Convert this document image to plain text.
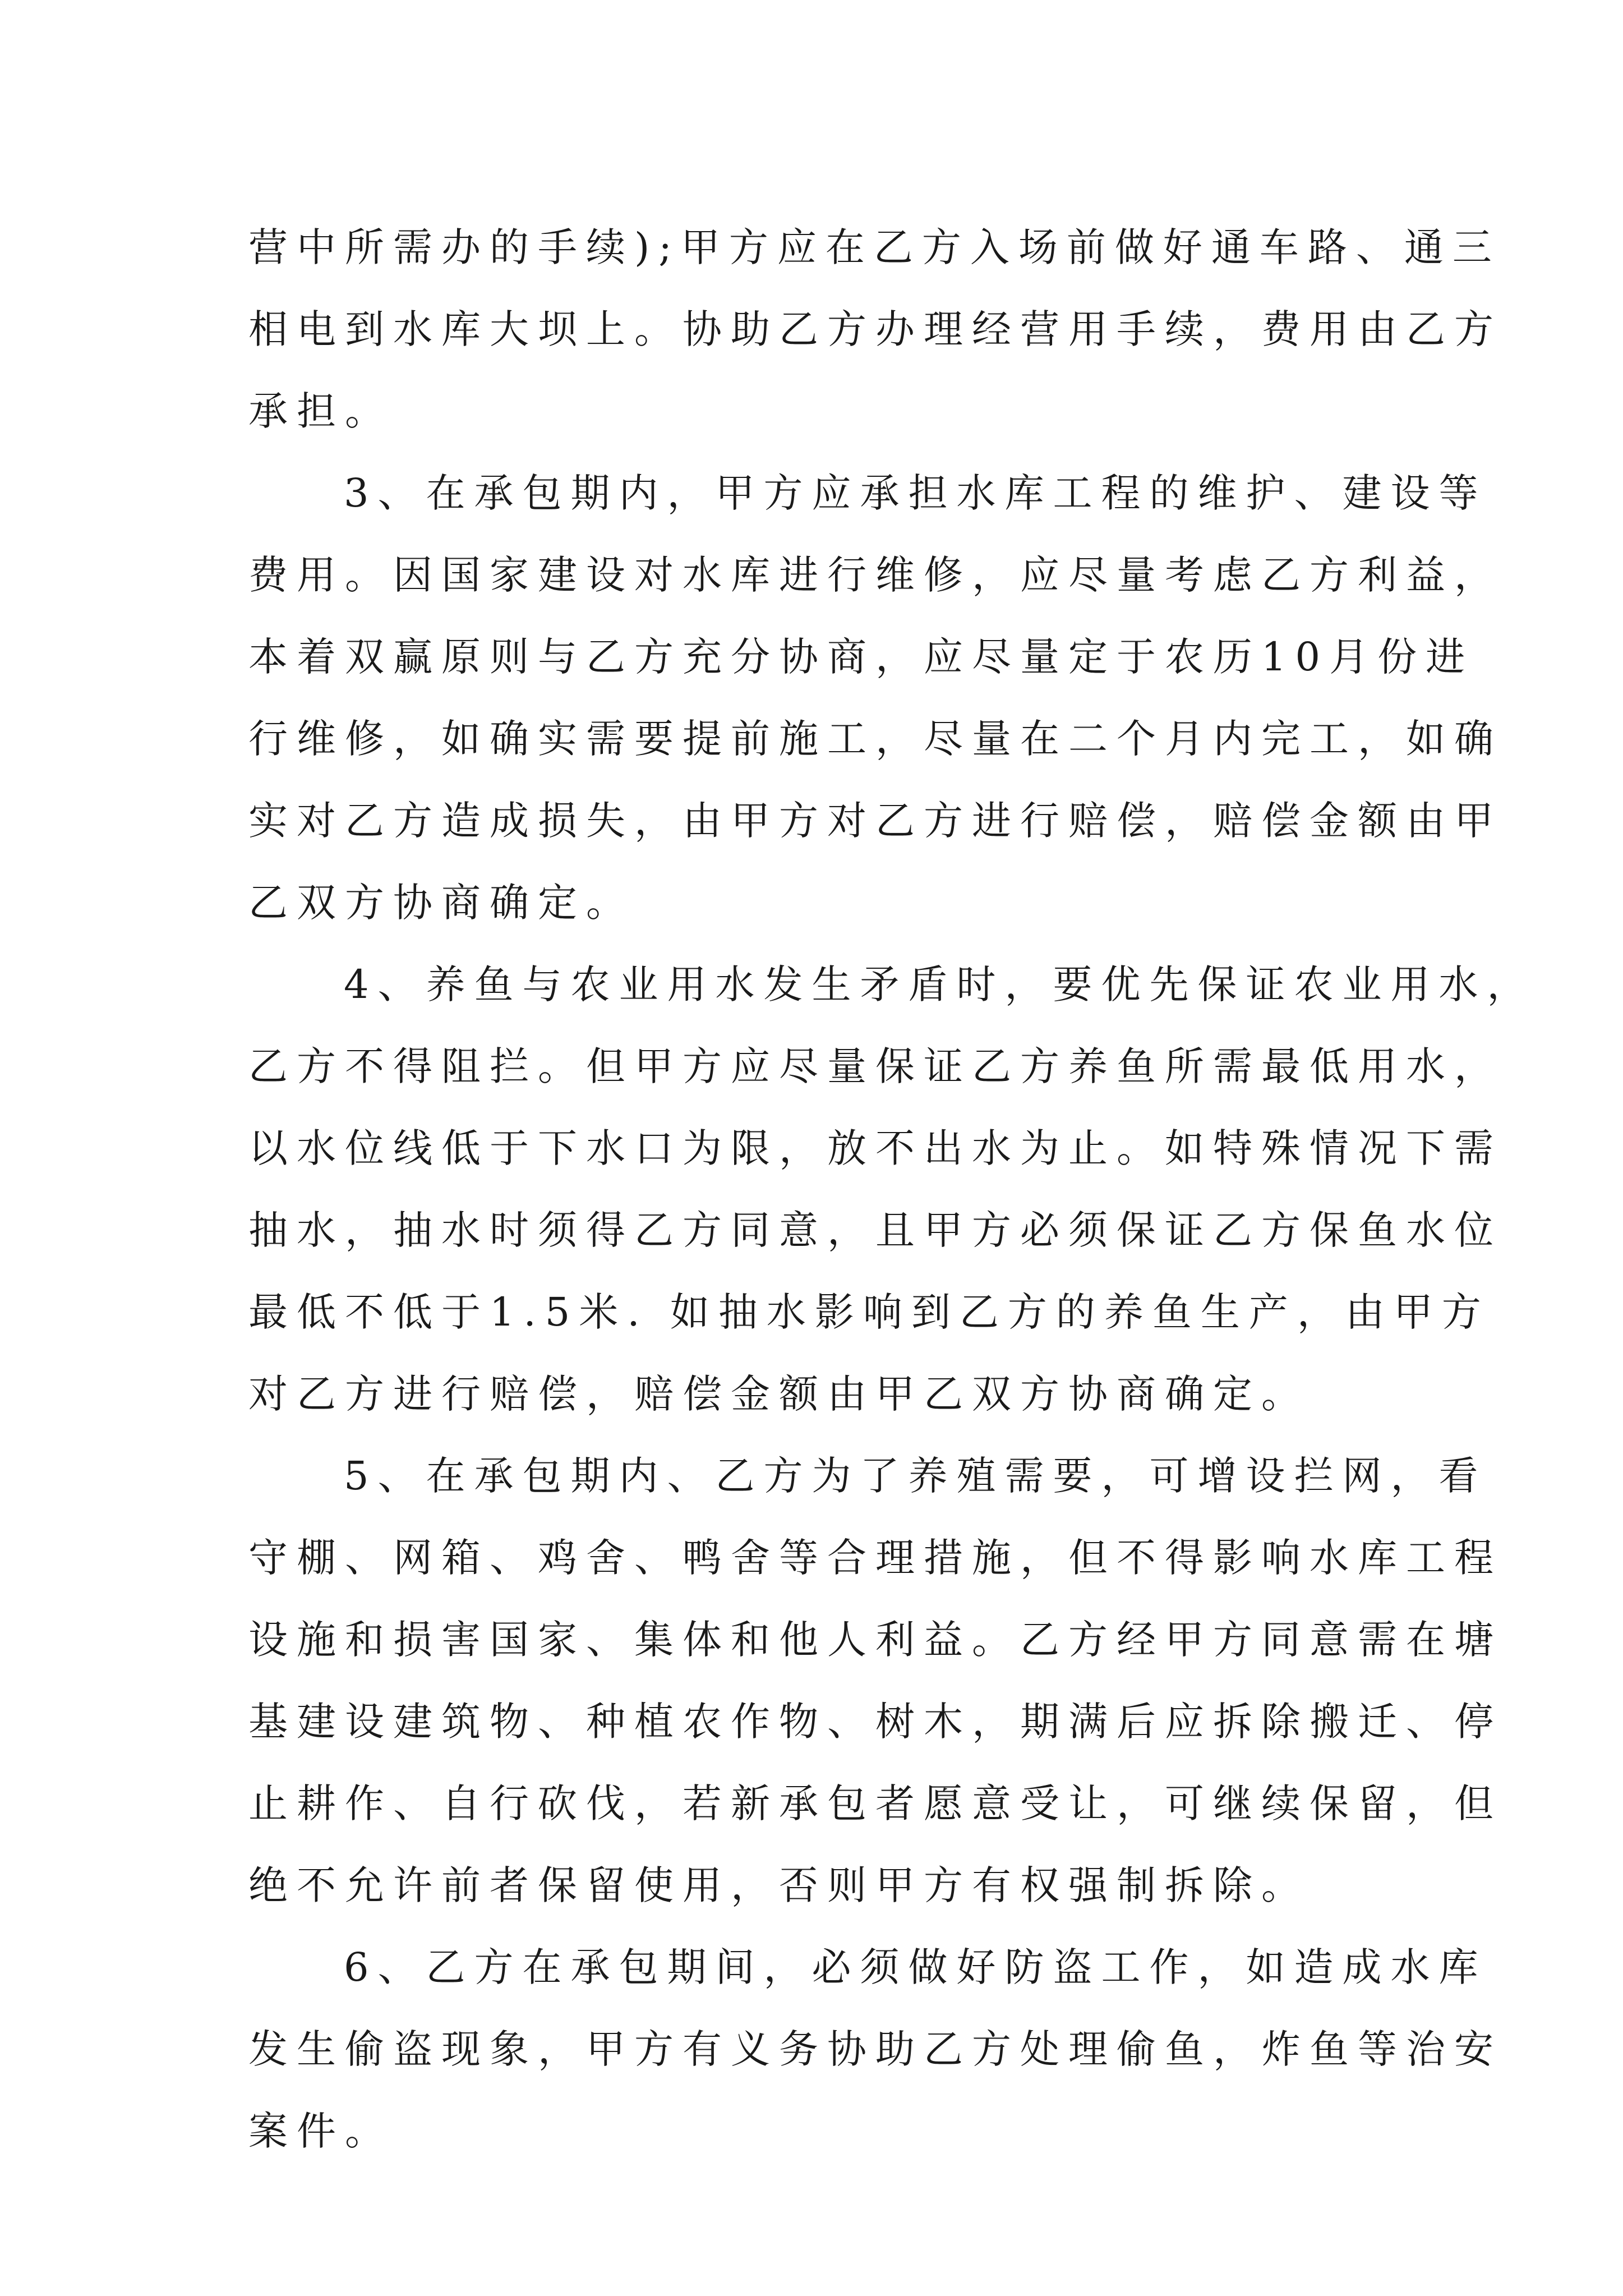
营中所需办的手续);甲方应在乙方入场前做好通车路、通三
相电到水库大坝上。协助乙方办理经营用手续，费用由乙方
承担。
3、在承包期内，甲方应承担水库工程的维护、建设等
费用。因国家建设对水库进行维修，应尽量考虑乙方利益，
本着双赢原则与乙方充分协商，应尽量定于农历10月份进
行维修，如确实需要提前施工，尽量在二个月内完工，如确
实对乙方造成损失，由甲方对乙方进行赔偿，赔偿金额由甲
乙双方协商确定。
4、养鱼与农业用水发生矛盾时，要优先保证农业用水，
乙方不得阻拦。但甲方应尽量保证乙方养鱼所需最低用水，
以水位线低于下水口为限，放不出水为止。如特殊情况下需
抽水，抽水时须得乙方同意，且甲方必须保证乙方保鱼水位
最低不低于1.5米. 如抽水影响到乙方的养鱼生产，由甲方
对乙方进行赔偿，赔偿金额由甲乙双方协商确定。
5、在承包期内、乙方为了养殖需要，可增设拦网，看
守棚、网箱、鸡舍、鸭舍等合理措施，但不得影响水库工程
设施和损害国家、集体和他人利益。乙方经甲方同意需在塘
基建设建筑物、种植农作物、树木，期满后应拆除搬迁、停
止耕作、自行砍伐，若新承包者愿意受让，可继续保留，但
绝不允许前者保留使用，否则甲方有权强制拆除。
6、乙方在承包期间，必须做好防盗工作，如造成水库
发生偷盗现象，甲方有义务协助乙方处理偷鱼，炸鱼等治安
案件。
